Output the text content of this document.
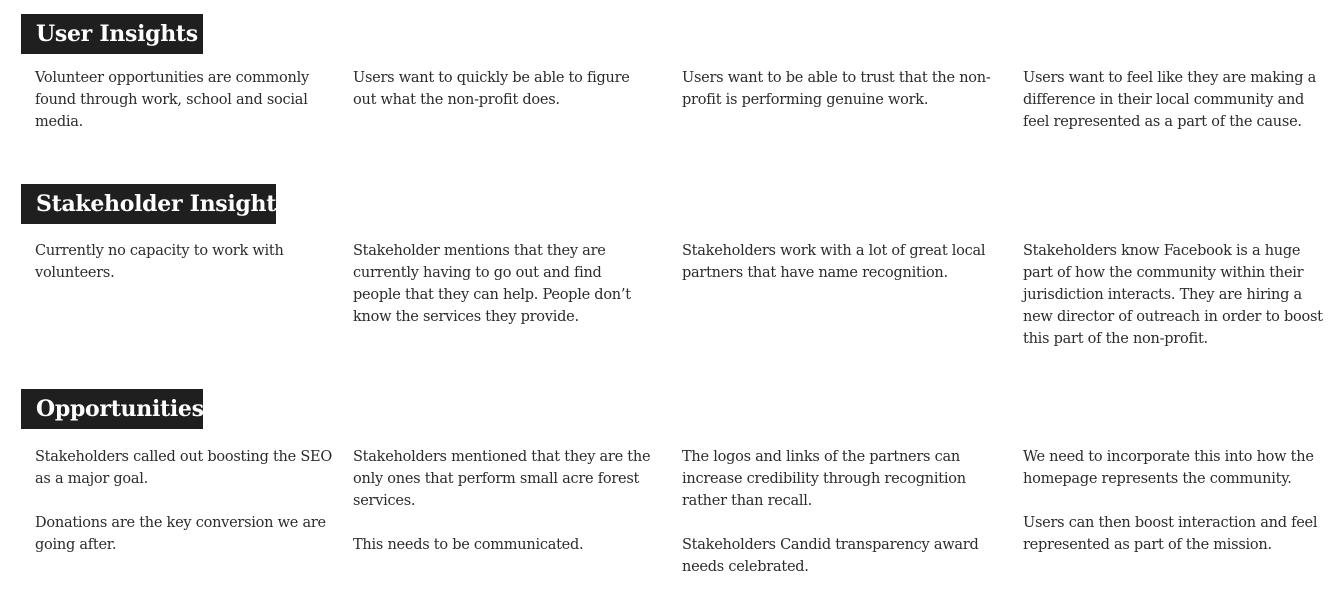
User Insights

Volunteer opportunities are commonly found through work, school and social media.

Users want to quickly be able to figure out what the non-profit does.

Users want to be able to trust that the non-profit is performing genuine work.

Users want to feel like they are making a difference in their local community and feel represented as a part of the cause.

Stakeholder Insights

Currently no capacity to work with volunteers.

Stakeholder mentions that they are currently having to go out and find people that they can help. People don’t know the services they provide.

Stakeholders work with a lot of great local partners that have name recognition.

Stakeholders know Facebook is a huge part of how the community within their jurisdiction interacts. They are hiring a new director of outreach in order to boost this part of the non-profit.

Opportunities

Stakeholders called out boosting the SEO as a major goal.

Donations are the key conversion we are going after.

Stakeholders mentioned that they are the only ones that perform small acre forest services.

This needs to be communicated.

The logos and links of the partners can increase credibility through recognition rather than recall.

Stakeholders Candid transparency award needs celebrated.

We need to incorporate this into how the homepage represents the community.

Users can then boost interaction and feel represented as part of the mission.
